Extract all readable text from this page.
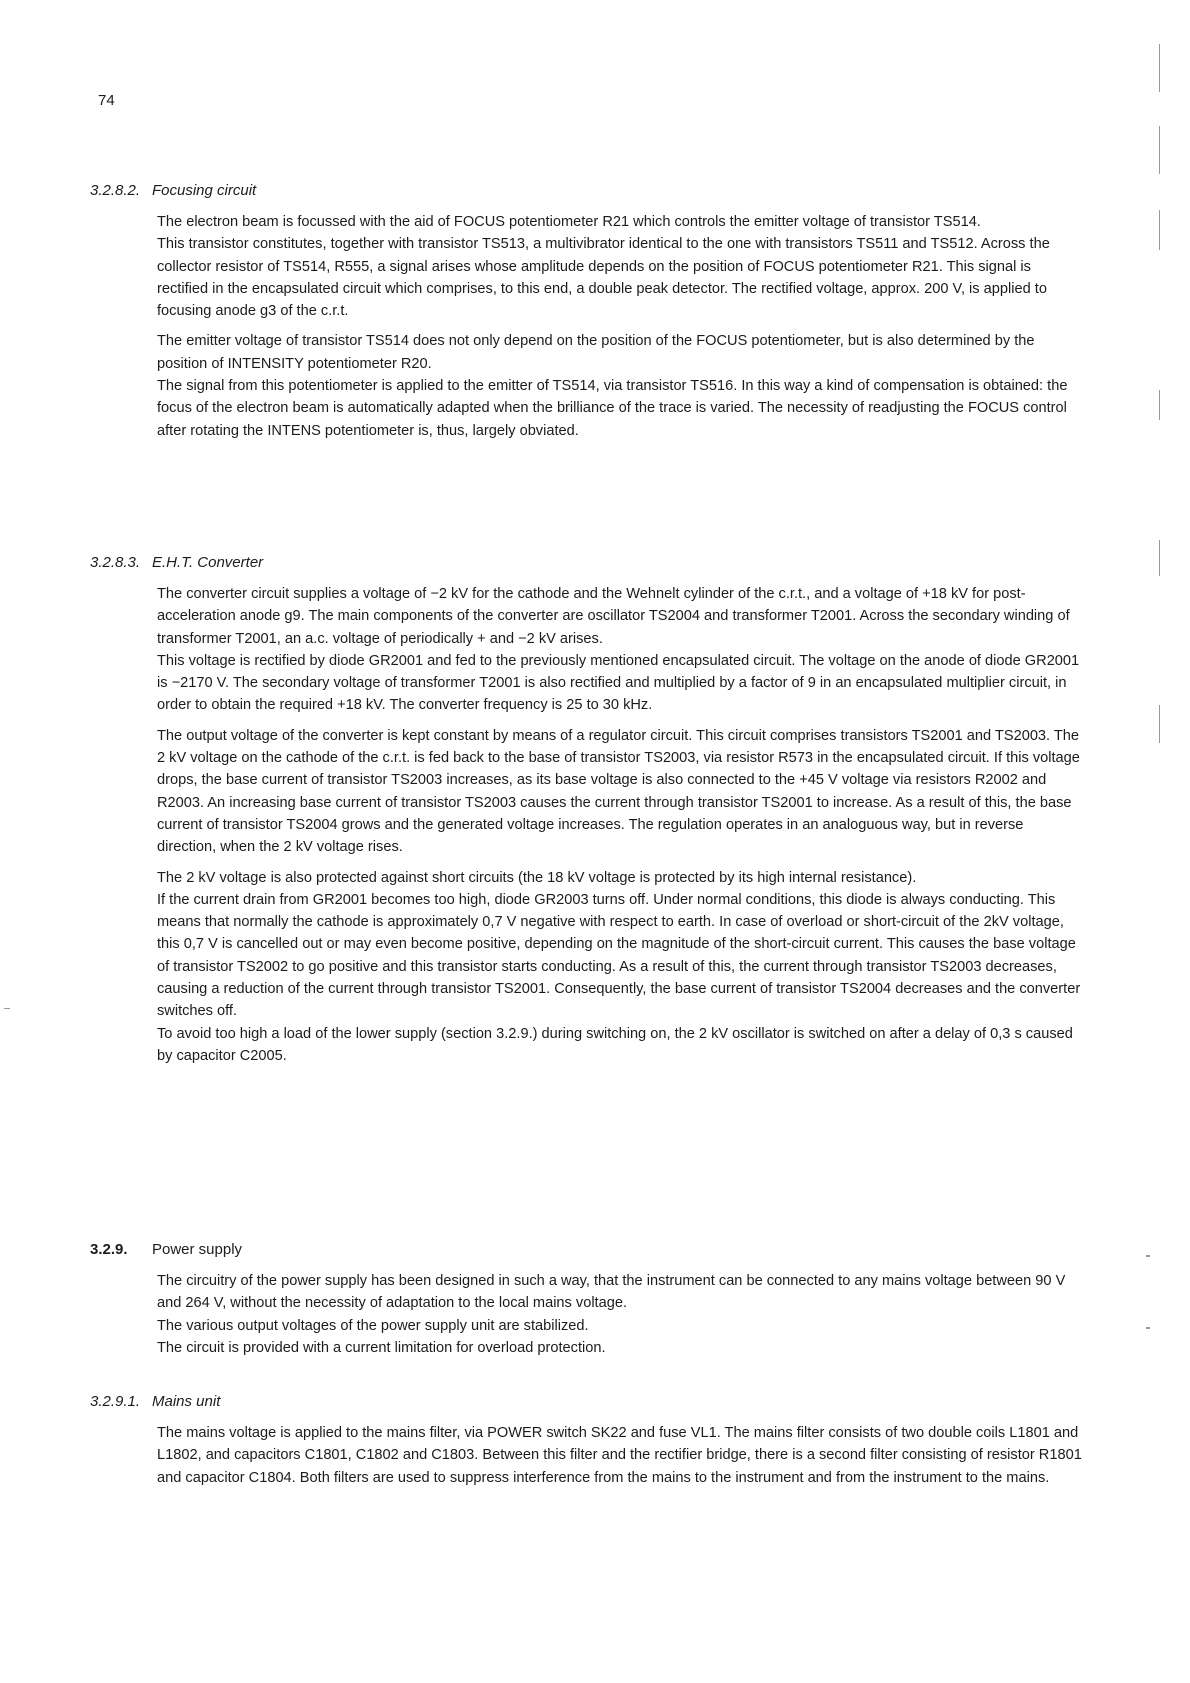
74
3.2.8.2. Focusing circuit

The electron beam is focussed with the aid of FOCUS potentiometer R21 which controls the emitter voltage of transistor TS514.

This transistor constitutes, together with transistor TS513, a multivibrator identical to the one with transistors TS511 and TS512. Across the collector resistor of TS514, R555, a signal arises whose amplitude depends on the position of FOCUS potentiometer R21. This signal is rectified in the encapsulated circuit which comprises, to this end, a double peak detector. The rectified voltage, approx. 200 V, is applied to focusing anode g3 of the c.r.t.

The emitter voltage of transistor TS514 does not only depend on the position of the FOCUS potentiometer, but is also determined by the position of INTENSITY potentiometer R20.

The signal from this potentiometer is applied to the emitter of TS514, via transistor TS516. In this way a kind of compensation is obtained: the focus of the electron beam is automatically adapted when the brilliance of the trace is varied. The necessity of readjusting the FOCUS control after rotating the INTENS potentiometer is, thus, largely obviated.

3.2.8.3. E.H.T. Converter

The converter circuit supplies a voltage of −2 kV for the cathode and the Wehnelt cylinder of the c.r.t., and a voltage of +18 kV for post-acceleration anode g9. The main components of the converter are oscillator TS2004 and transformer T2001. Across the secondary winding of transformer T2001, an a.c. voltage of periodically + and −2 kV arises.

This voltage is rectified by diode GR2001 and fed to the previously mentioned encapsulated circuit. The voltage on the anode of diode GR2001 is −2170 V. The secondary voltage of transformer T2001 is also rectified and multiplied by a factor of 9 in an encapsulated multiplier circuit, in order to obtain the required +18 kV. The converter frequency is 25 to 30 kHz.

The output voltage of the converter is kept constant by means of a regulator circuit. This circuit comprises transistors TS2001 and TS2003. The 2 kV voltage on the cathode of the c.r.t. is fed back to the base of transistor TS2003, via resistor R573 in the encapsulated circuit. If this voltage drops, the base current of transistor TS2003 increases, as its base voltage is also connected to the +45 V voltage via resistors R2002 and R2003. An increasing base current of transistor TS2003 causes the current through transistor TS2001 to increase. As a result of this, the base current of transistor TS2004 grows and the generated voltage increases. The regulation operates in an analoguous way, but in reverse direction, when the 2 kV voltage rises.

The 2 kV voltage is also protected against short circuits (the 18 kV voltage is protected by its high internal resistance).

If the current drain from GR2001 becomes too high, diode GR2003 turns off. Under normal conditions, this diode is always conducting. This means that normally the cathode is approximately 0,7 V negative with respect to earth. In case of overload or short-circuit of the 2kV voltage, this 0,7 V is cancelled out or may even become positive, depending on the magnitude of the short-circuit current. This causes the base voltage of transistor TS2002 to go positive and this transistor starts conducting. As a result of this, the current through transistor TS2003 decreases, causing a reduction of the current through transistor TS2001. Consequently, the base current of transistor TS2004 decreases and the converter switches off.

To avoid too high a load of the lower supply (section 3.2.9.) during switching on, the 2 kV oscillator is switched on after a delay of 0,3 s caused by capacitor C2005.

3.2.9.	Power supply

The circuitry of the power supply has been designed in such a way, that the instrument can be connected to any mains voltage between 90 V and 264 V, without the necessity of adaptation to the local mains voltage.

The various output voltages of the power supply unit are stabilized.

The circuit is provided with a current limitation for overload protection.

3.2.9.1. Mains unit

The mains voltage is applied to the mains filter, via POWER switch SK22 and fuse VL1. The mains filter consists of two double coils L1801 and L1802, and capacitors C1801, C1802 and C1803. Between this filter and the rectifier bridge, there is a second filter consisting of resistor R1801 and capacitor C1804. Both filters are used to suppress interference from the mains to the instrument and from the instrument to the mains.
